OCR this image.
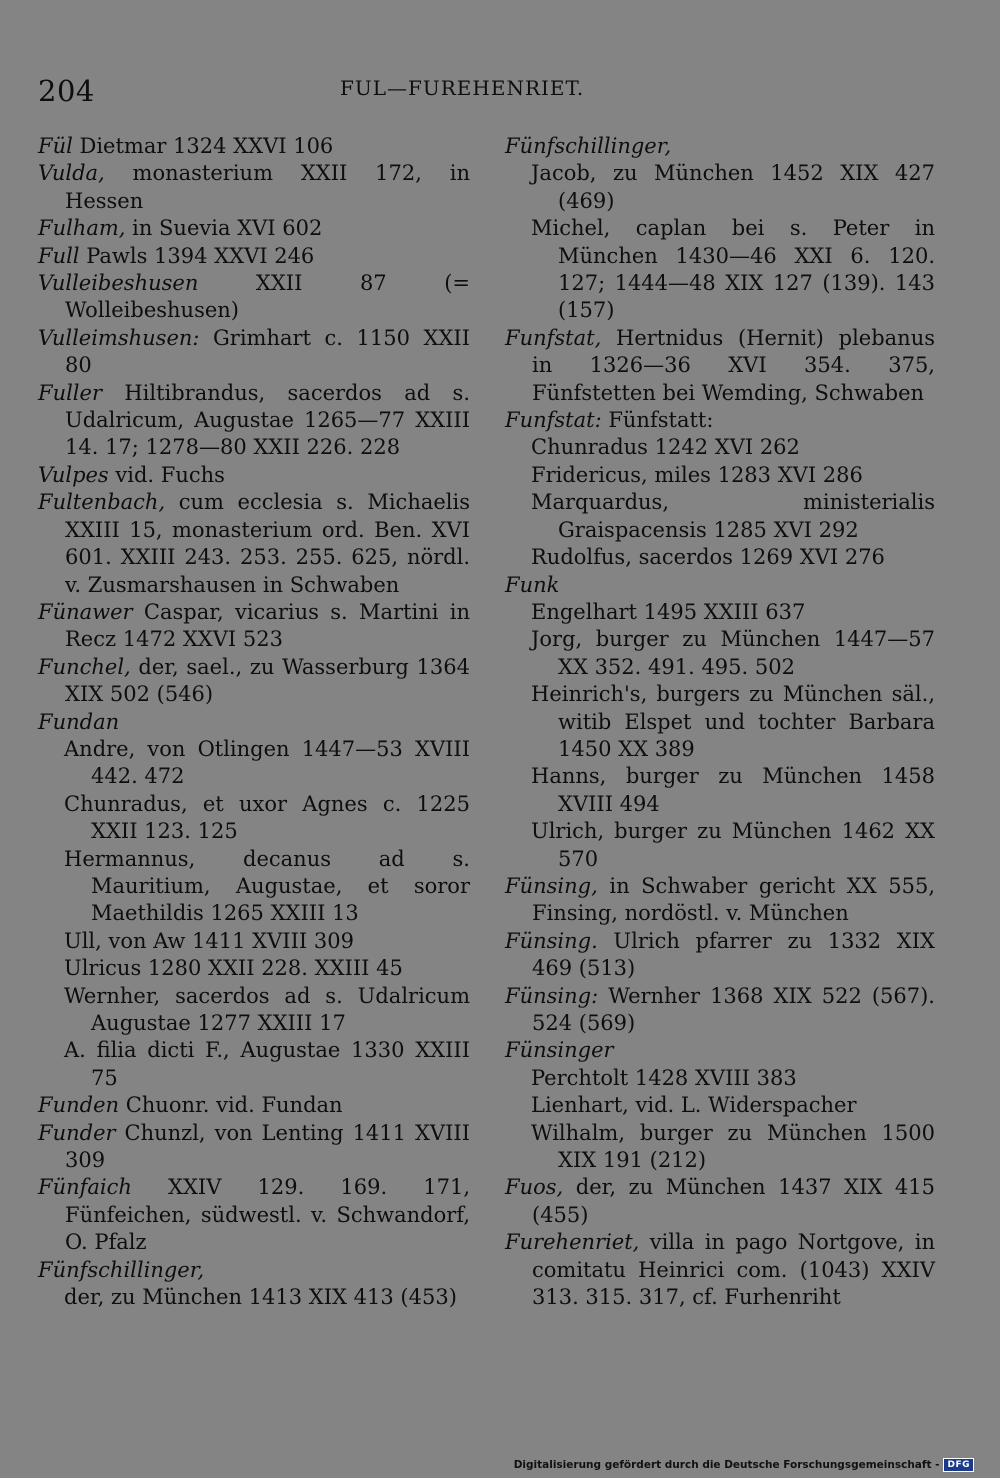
204	FUL—FUREHENRIET.
Fül Dietmar 1324 XXVI 106
Vulda, monasterium XXII 172, in Hessen
Fulham, in Suevia XVI 602
Full Pawls 1394 XXVI 246
Vulleibeshusen XXII 87 (= Wolleibeshusen)
Vulleimshusen: Grimhart c. 1150 XXII 80
Fuller Hiltibrandus, sacerdos ad s. Udalricum, Augustae 1265—77 XXIII 14. 17; 1278—80 XXII 226. 228
Vulpes vid. Fuchs
Fultenbach, cum ecclesia s. Michaelis XXIII 15, monasterium ord. Ben. XVI 601. XXIII 243. 253. 255. 625, nördl. v. Zusmarshausen in Schwaben
Fünawer Caspar, vicarius s. Martini in Recz 1472 XXVI 523
Funchel, der, sael., zu Wasserburg 1364 XIX 502 (546)
Fundan
Andre, von Otlingen 1447—53 XVIII 442. 472
Chunradus, et uxor Agnes c. 1225 XXII 123. 125
Hermannus, decanus ad s. Mauritium, Augustae, et soror Maethildis 1265 XXIII 13
Ull, von Aw 1411 XVIII 309
Ulricus 1280 XXII 228. XXIII 45
Wernher, sacerdos ad s. Udalricum Augustae 1277 XXIII 17
A. filia dicti F., Augustae 1330 XXIII 75
Funden Chuonr. vid. Fundan
Funder Chunzl, von Lenting 1411 XVIII 309
Fünfaich XXIV 129. 169. 171, Fünfeichen, südwestl. v. Schwandorf, O. Pfalz
Fünfschillinger,
der, zu München 1413 XIX 413 (453)
Fünfschillinger,
Jacob, zu München 1452 XIX 427 (469)
Michel, caplan bei s. Peter in München 1430—46 XXI 6. 120. 127; 1444—48 XIX 127 (139). 143 (157)
Funfstat, Hertnidus (Hernit) plebanus in 1326—36 XVI 354. 375, Fünfstetten bei Wemding, Schwaben
Funfstat: Fünfstatt:
Chunradus 1242 XVI 262
Fridericus, miles 1283 XVI 286
Marquardus, ministerialis Graispacensis 1285 XVI 292
Rudolfus, sacerdos 1269 XVI 276
Funk
Engelhart 1495 XXIII 637
Jorg, burger zu München 1447—57 XX 352. 491. 495. 502
Heinrich's, burgers zu München säl., witib Elspet und tochter Barbara 1450 XX 389
Hanns, burger zu München 1458 XVIII 494
Ulrich, burger zu München 1462 XX 570
Fünsing, in Schwaber gericht XX 555, Finsing, nordöstl. v. München
Fünsing. Ulrich pfarrer zu 1332 XIX 469 (513)
Fünsing: Wernher 1368 XIX 522 (567). 524 (569)
Fünsinger
Perchtolt 1428 XVIII 383
Lienhart, vid. L. Widerspacher
Wilhalm, burger zu München 1500 XIX 191 (212)
Fuos, der, zu München 1437 XIX 415 (455)
Furehenriet, villa in pago Nortgove, in comitatu Heinrici com. (1043) XXIV 313. 315. 317, cf. Furhenriht
Digitalisierung gefördert durch die Deutsche Forschungsgemeinschaft - DFG
